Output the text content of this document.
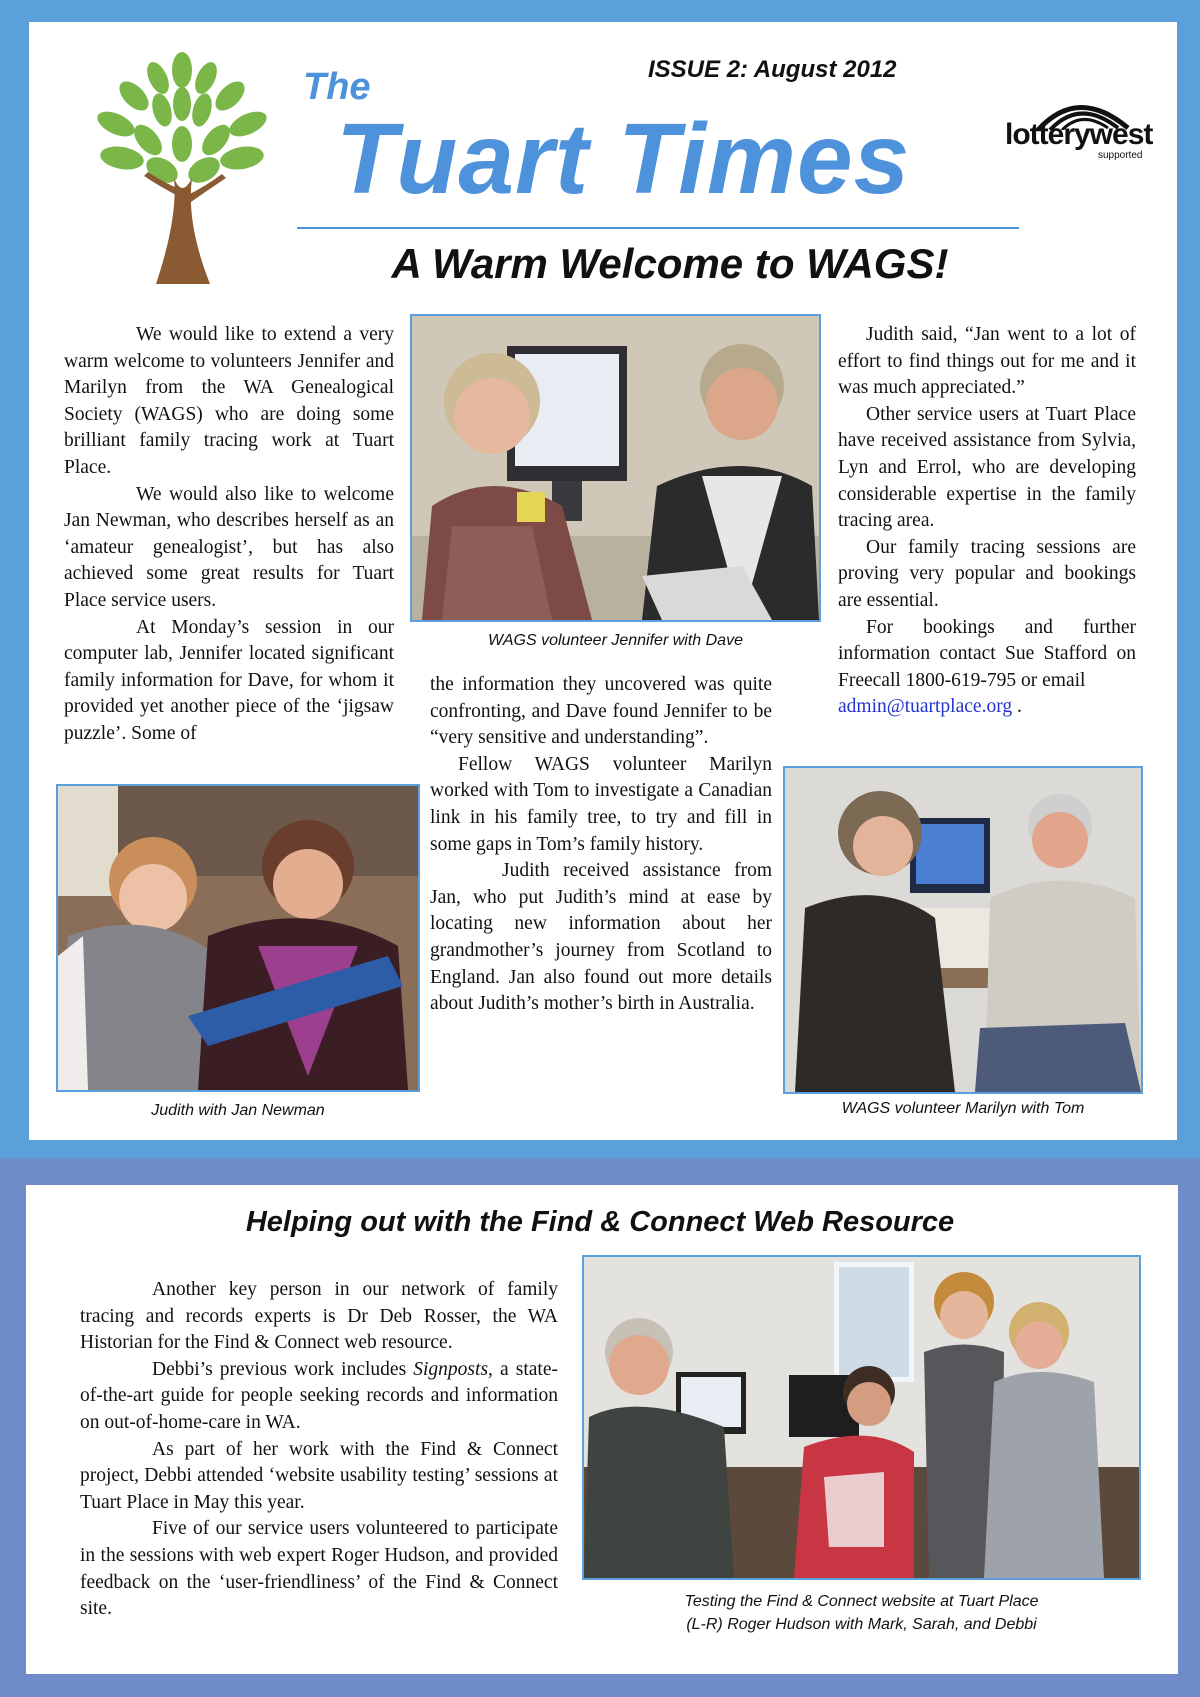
The
Tuart Times
ISSUE 2: August 2012
lotterywest
supported
A Warm Welcome to WAGS!

We would like to extend a very warm welcome to volunteers Jennifer and Marilyn from the WA Genealogical Society (WAGS) who are doing some brilliant family tracing work at Tuart Place.

We would also like to welcome Jan Newman, who describes herself as an ‘amateur genealogist’, but has also achieved some great results for Tuart Place service users.

At Monday’s session in our computer lab, Jennifer located significant family information for Dave, for whom it provided yet another piece of the ‘jigsaw puzzle’. Some of

WAGS volunteer Jennifer with Dave

the information they uncovered was quite confronting, and Dave found Jennifer to be “very sensitive and understanding”.

Fellow WAGS volunteer Marilyn worked with Tom to investigate a Canadian link in his family tree, to try and fill in some gaps in Tom’s family history.

Judith received assistance from Jan, who put Judith’s mind at ease by locating new information about her grandmother’s journey from Scotland to England. Jan also found out more details about Judith’s mother’s birth in Australia.

Judith said, “Jan went to a lot of effort to find things out for me and it was much appreciated.”

Other service users at Tuart Place have received assistance from Sylvia, Lyn and Errol, who are developing considerable expertise in the family tracing area.

Our family tracing sessions are proving very popular and bookings are essential.

For bookings and further information contact Sue Stafford on Freecall 1800-619-795 or email

admin@tuartplace.org .

Judith with Jan Newman	WAGS volunteer Marilyn with Tom
Helping out with the Find & Connect Web Resource

Another key person in our network of family tracing and records experts is Dr Deb Rosser, the WA Historian for the Find & Connect web resource.

Debbi’s previous work includes Signposts, a state-of-the-art guide for people seeking records and information on out-of-home-care in WA.

As part of her work with the Find & Connect project, Debbi attended ‘website usability testing’ sessions at Tuart Place in May this year.

Five of our service users volunteered to participate in the sessions with web expert Roger Hudson, and provided feedback on the ‘user-friendliness’ of the Find & Connect site.	Testing the Find & Connect website at Tuart Place
(L-R) Roger Hudson with Mark, Sarah, and Debbi
